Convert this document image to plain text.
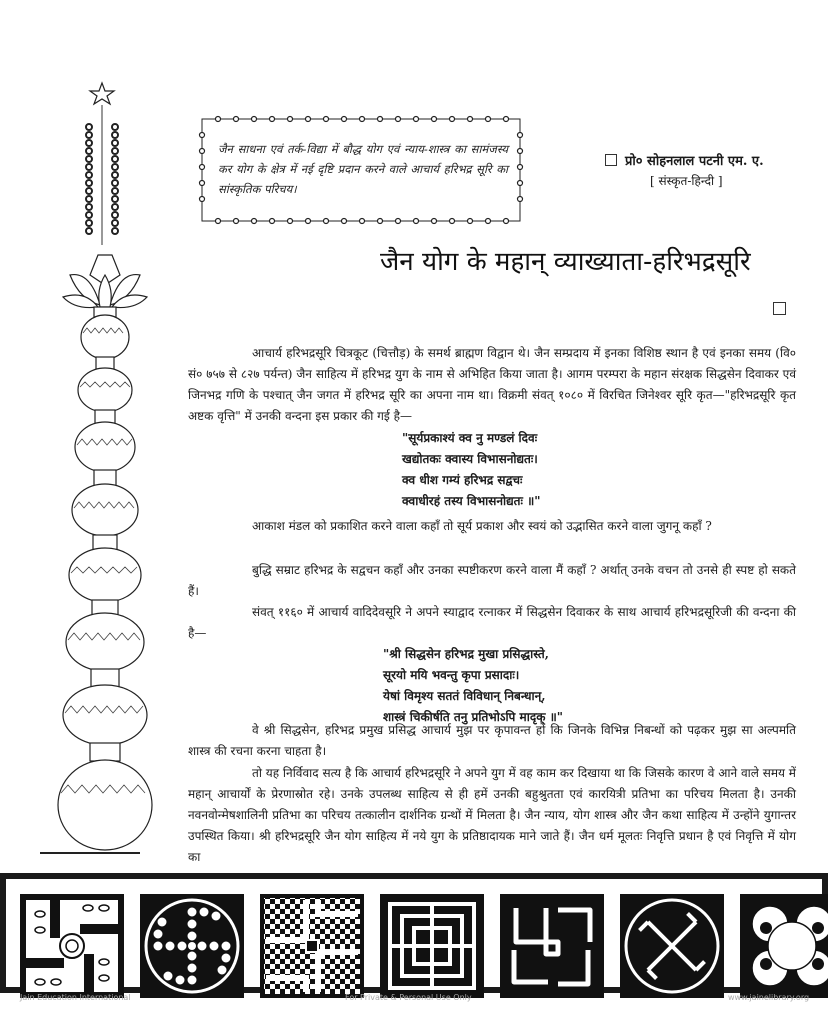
जैन साधना एवं तर्क-विद्या में बौद्ध योग एवं न्याय-शास्त्र का सामंजस्य कर योग के क्षेत्र में नई दृष्टि प्रदान करने वाले आचार्य हरिभद्र सूरि का सांस्कृतिक परिचय।
प्रो० सोहनलाल पटनी एम. ए.
[ संस्कृत-हिन्दी ]
जैन योग के महान् व्याख्याता-हरिभद्रसूरि
आचार्य हरिभद्रसूरि चित्रकूट (चित्तौड़) के समर्थ ब्राह्मण विद्वान थे। जैन सम्प्रदाय में इनका विशिष्ठ स्थान है एवं इनका समय (वि० सं० ७५७ से ८२७ पर्यन्त) जैन साहित्य में हरिभद्र युग के नाम से अभिहित किया जाता है। आगम परम्परा के महान संरक्षक सिद्धसेन दिवाकर एवं जिनभद्र गणि के पश्चात् जैन जगत में हरिभद्र सूरि का अपना नाम था। विक्रमी संवत् १०८० में विरचित जिनेश्वर सूरि कृत—"हरिभद्रसूरि कृत अष्टक वृत्ति" में उनकी वन्दना इस प्रकार की गई है—
"सूर्यप्रकाश्यं क्व नु मण्डलं दिवः
खद्योतकः क्वास्य विभासनोद्यतः।
क्व धीश गम्यं हरिभद्र सद्वचः
क्वाधीरहं तस्य विभासनोद्यतः ॥"
आकाश मंडल को प्रकाशित करने वाला कहाँ तो सूर्य प्रकाश और स्वयं को उद्भासित करने वाला जुगनू कहाँ ?
बुद्धि सम्राट हरिभद्र के सद्वचन कहाँ और उनका स्पष्टीकरण करने वाला मैं कहाँ ? अर्थात् उनके वचन तो उनसे ही स्पष्ट हो सकते हैं।
संवत् ११६० में आचार्य वादिदेवसूरि ने अपने स्याद्वाद रत्नाकर में सिद्धसेन दिवाकर के साथ आचार्य हरिभद्रसूरिजी की वन्दना की है—
"श्री सिद्धसेन हरिभद्र मुखा प्रसिद्धास्ते,
सूरयो मयि भवन्तु कृपा प्रसादाः।
येषां विमृश्य सततं विविधान् निबन्धान्,
शास्त्रं चिकीर्षति तनु प्रतिभोऽपि मादृक् ॥"
वे श्री सिद्धसेन, हरिभद्र प्रमुख प्रसिद्ध आचार्य मुझ पर कृपावन्त हों कि जिनके विभिन्न निबन्धों को पढ़कर मुझ सा अल्पमति शास्त्र की रचना करना चाहता है।
तो यह निर्विवाद सत्य है कि आचार्य हरिभद्रसूरि ने अपने युग में वह काम कर दिखाया था कि जिसके कारण वे आने वाले समय में महान् आचार्यों के प्रेरणास्रोत रहे। उनके उपलब्ध साहित्य से ही हमें उनकी बहुश्रुतता एवं कारयित्री प्रतिभा का परिचय मिलता है। उनकी नवनवोन्मेषशालिनी प्रतिभा का परिचय तत्कालीन दार्शनिक ग्रन्थों में मिलता है। जैन न्याय, योग शास्त्र और जैन कथा साहित्य में उन्होंने युगान्तर उपस्थित किया। श्री हरिभद्रसूरि जैन योग साहित्य में नये युग के प्रतिष्ठादायक माने जाते हैं। जैन धर्म मूलतः निवृत्ति प्रधान है एवं निवृत्ति में योग का
Jain Education International	For Private & Personal Use Only	www.jainelibrary.org
